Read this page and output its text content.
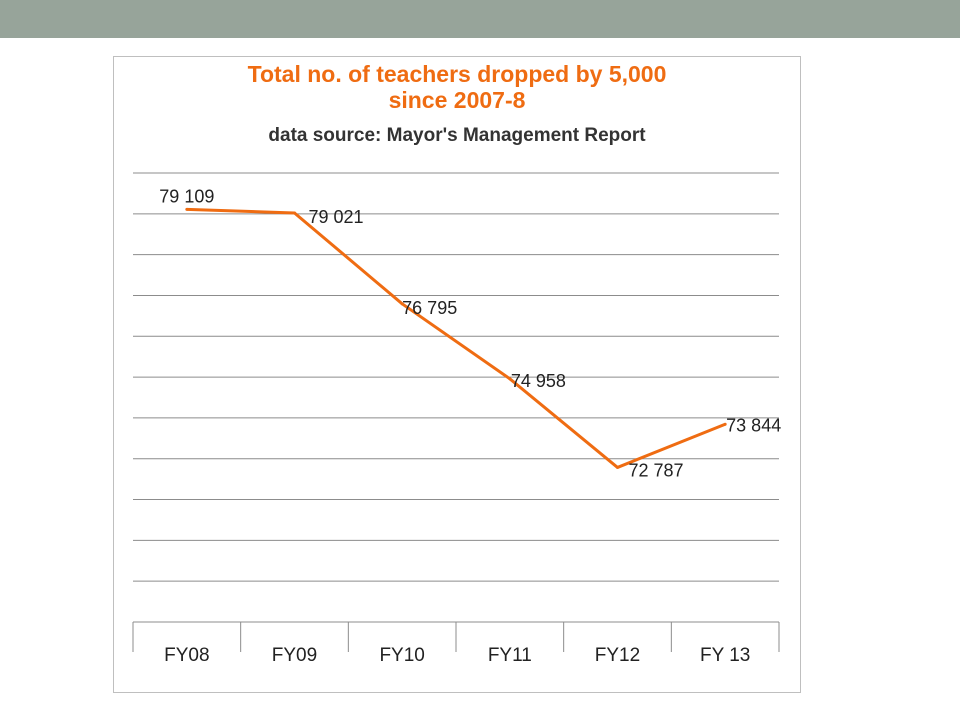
Total no. of teachers dropped by 5,000
since 2007-8
data source: Mayor's Management Report
FY08	FY09	FY10	FY11	FY12	FY 13
79 109
79 021
76 795
74 958
72 787
73 844
